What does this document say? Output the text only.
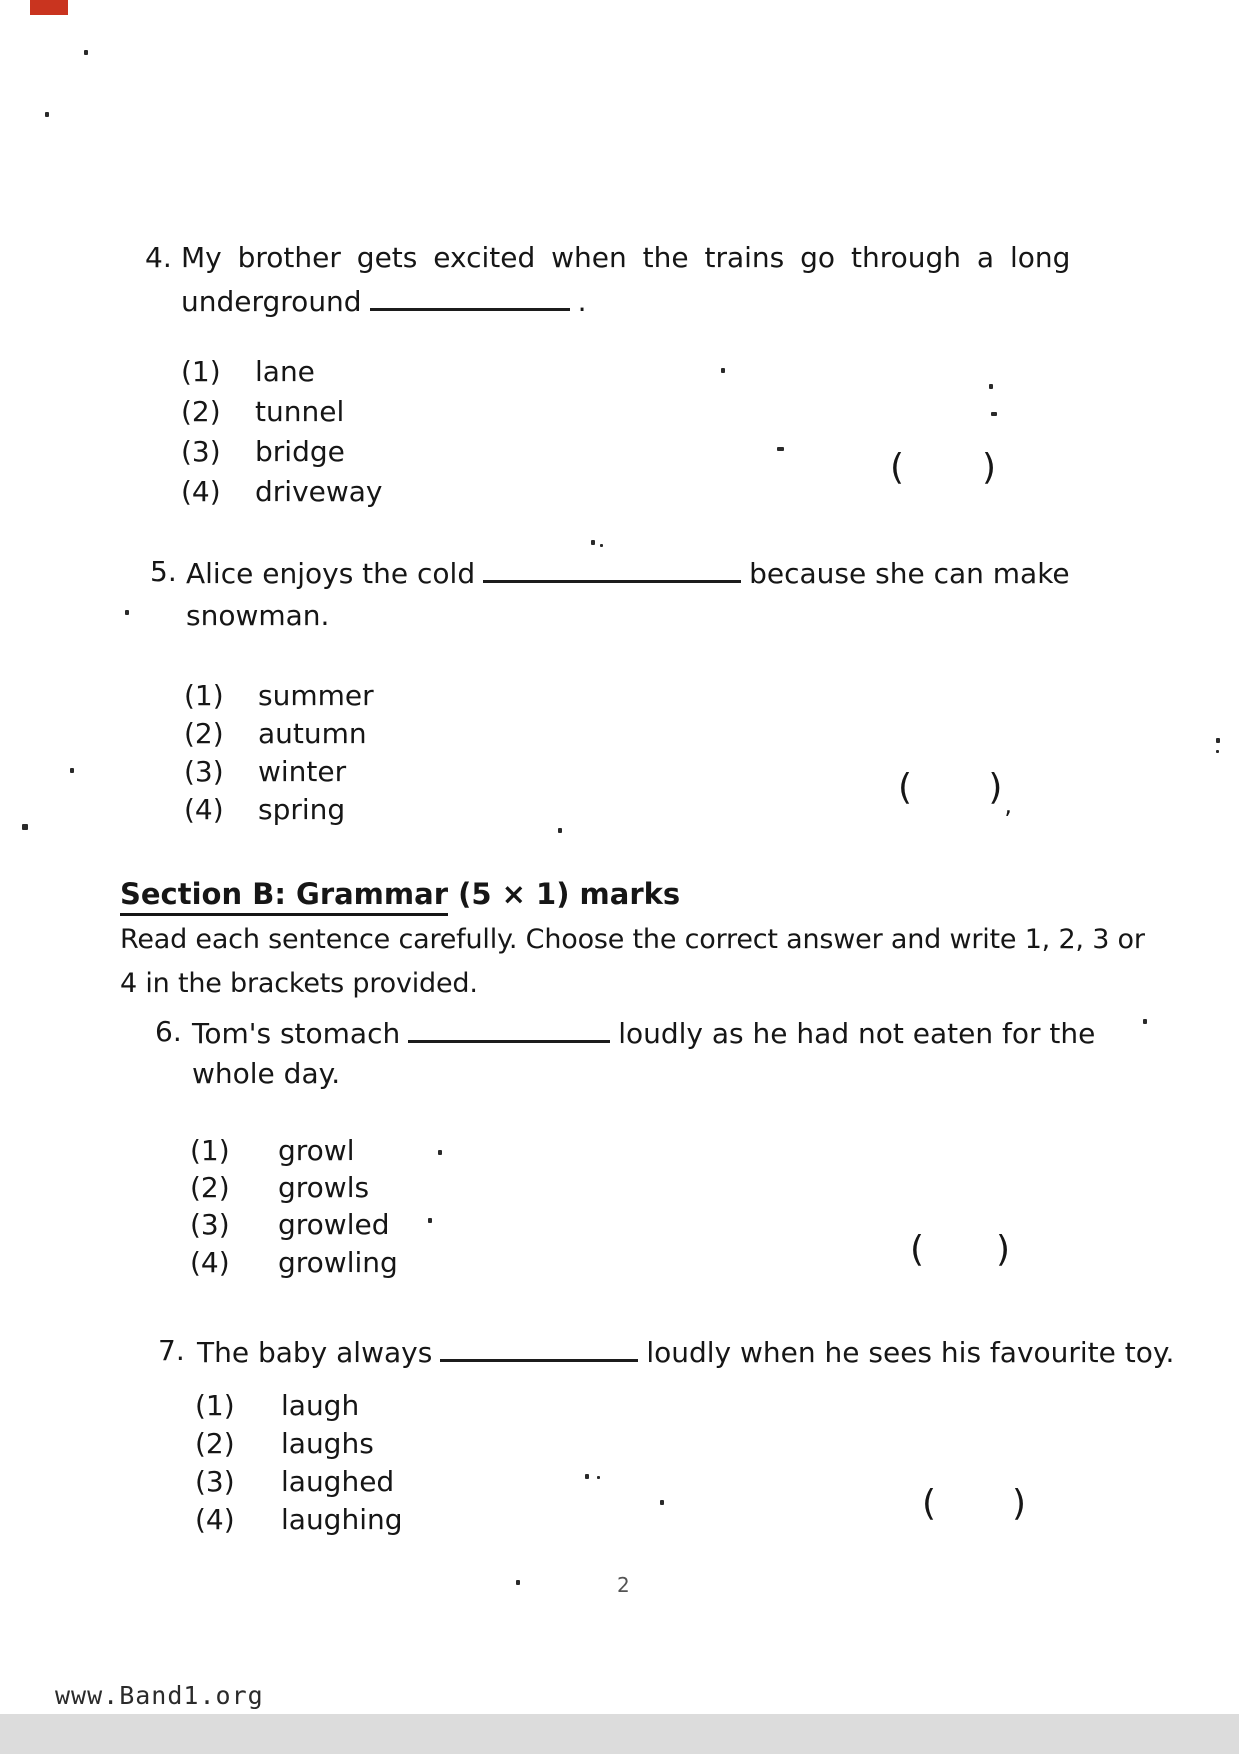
4. My brother gets excited when the trains go through a long
underground	.
(1) lane
(2) tunnel
(3) bridge
(4) driveway
( )
5. Alice enjoys the cold	because she can make
snowman.
(1) summer
(2) autumn
(3) winter
(4) spring
( )$_,$
Section B: Grammar (5 × 1) marks
Read each sentence carefully. Choose the correct answer and write 1, 2, 3 or
4 in the brackets provided.
6. Tom's stomach	loudly as he had not eaten for the
whole day.
(1) growl
(2) growls
(3) growled
(4) growling	( )
7. The baby always	loudly when he sees his favourite toy.
(1) laugh
(2) laughs
(3) laughed
(4) laughing	( )
2
www.Band1.org
